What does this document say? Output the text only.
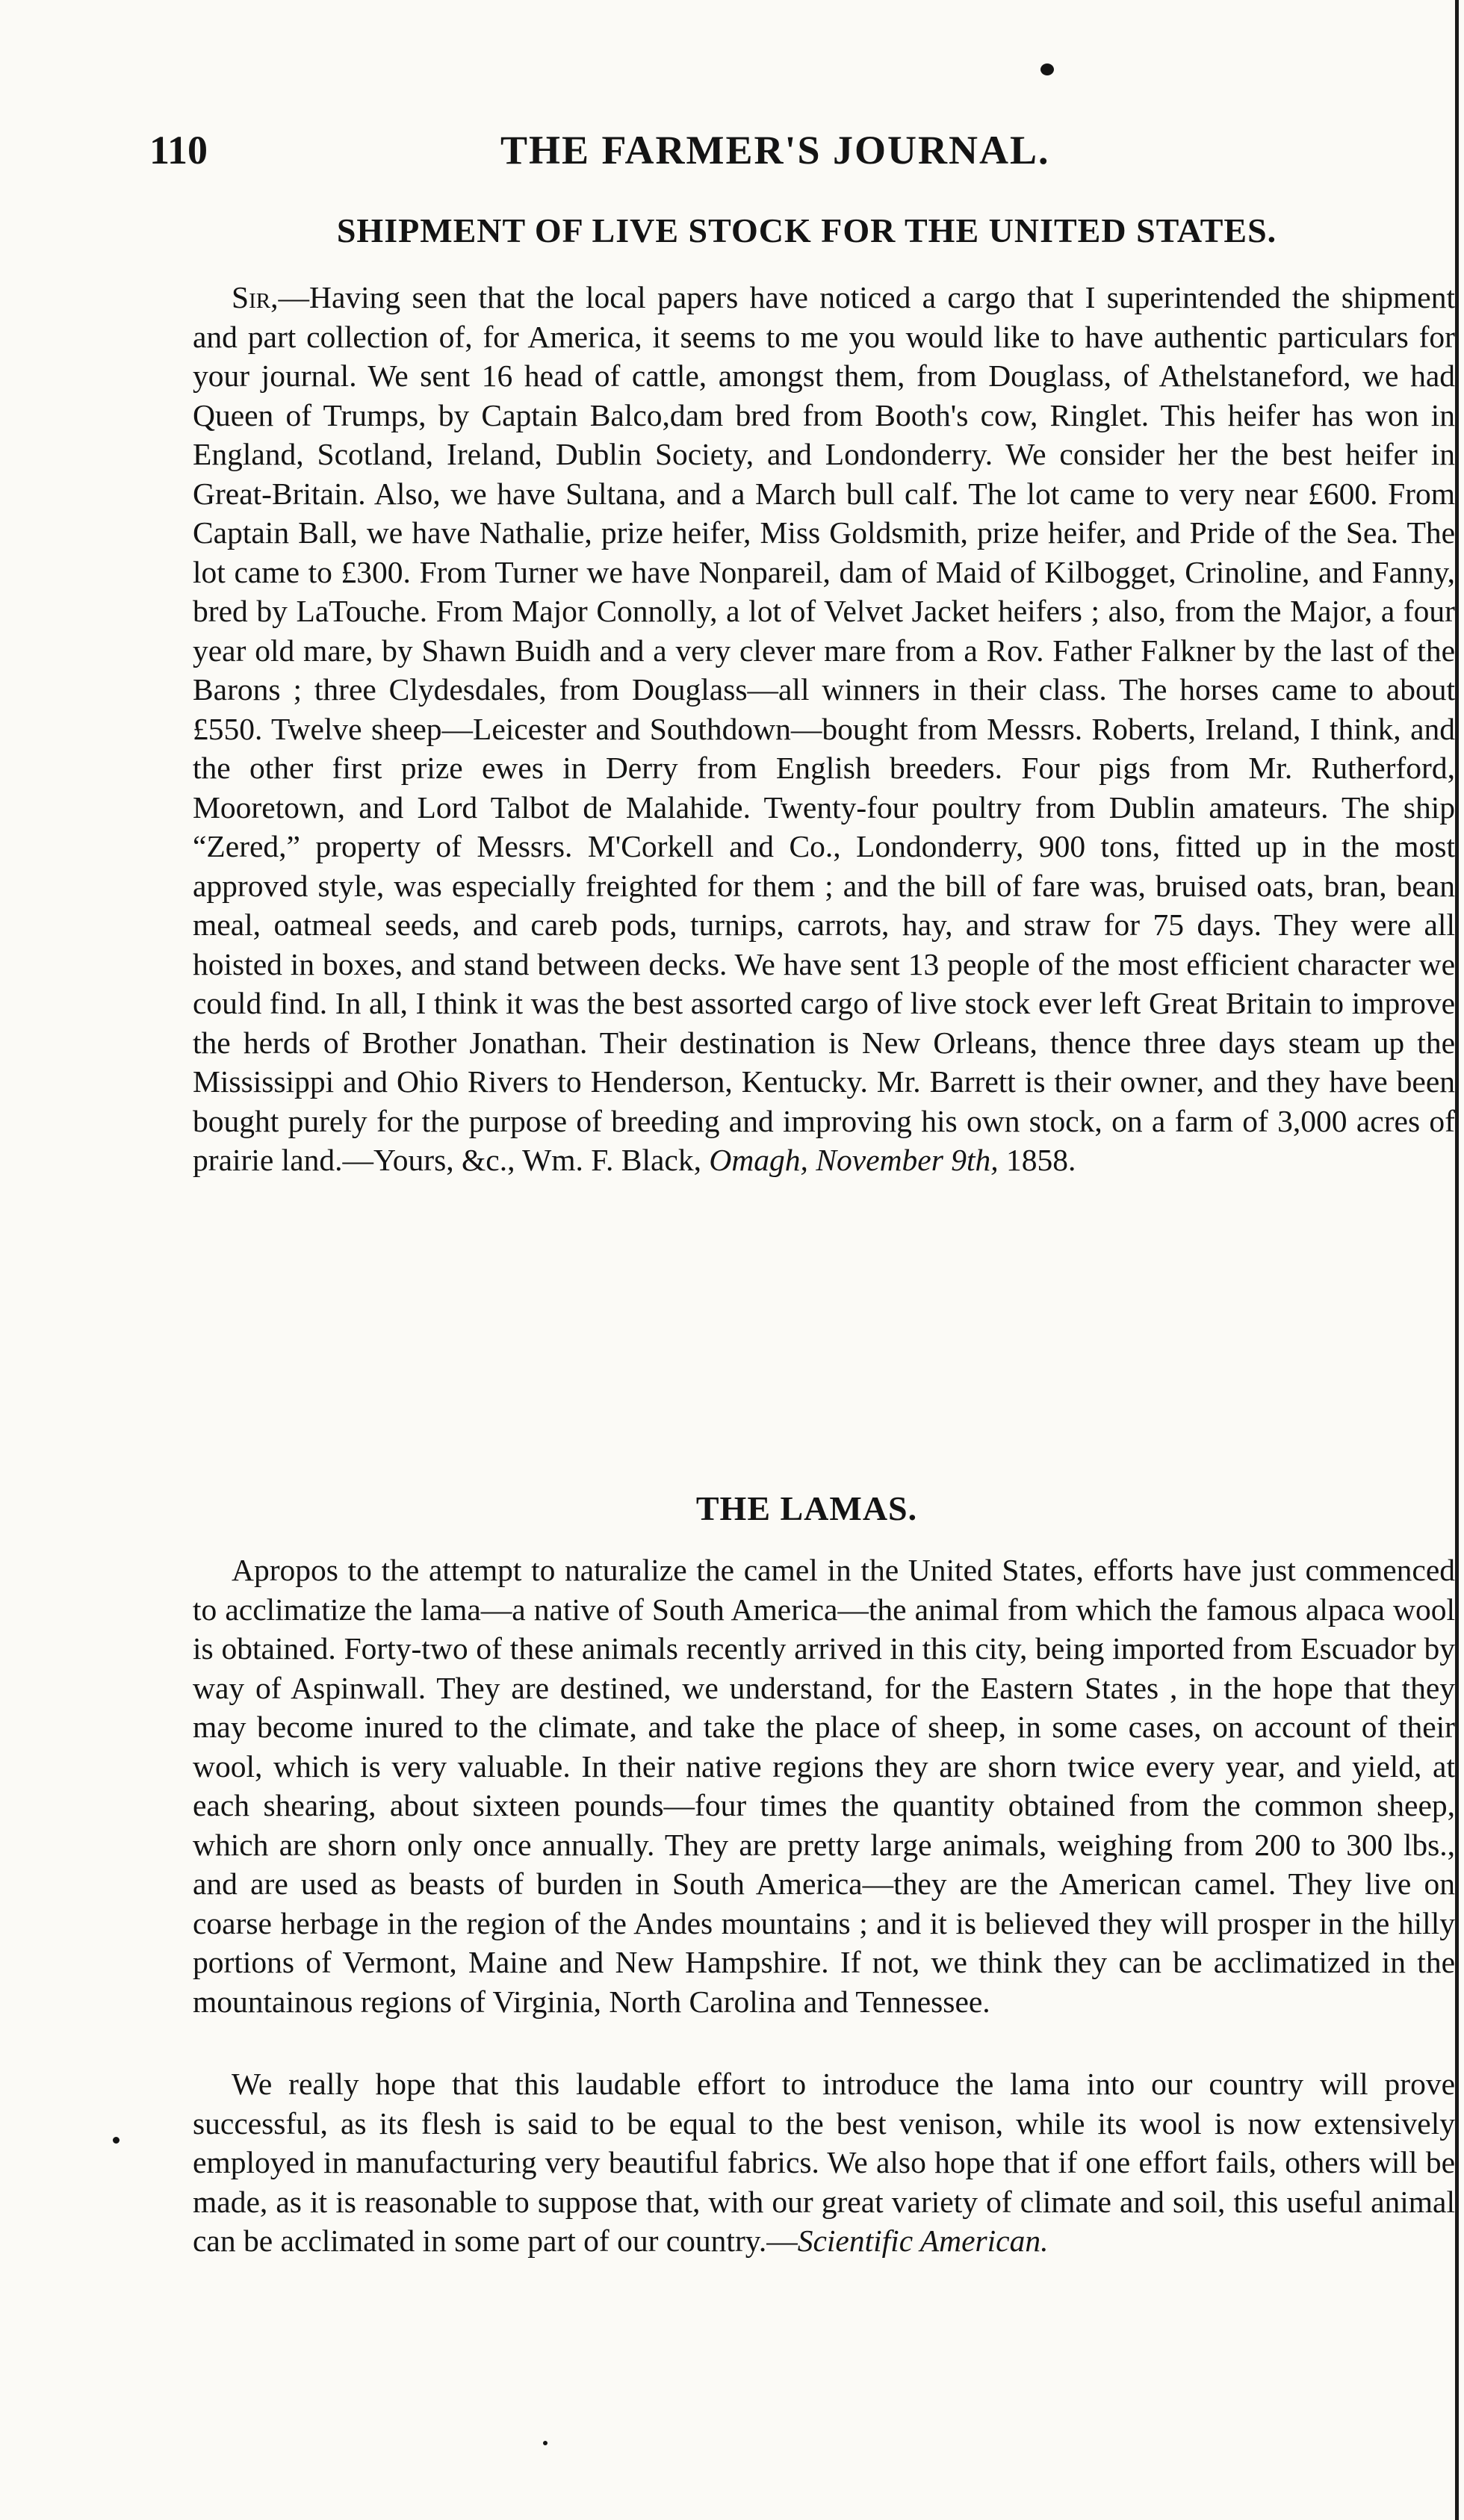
110	THE FARMER'S JOURNAL.
SHIPMENT OF LIVE STOCK FOR THE UNITED STATES.

Sir,—Having seen that the local papers have noticed a cargo that I superintended the shipment and part collection of, for America, it seems to me you would like to have authentic particulars for your journal. We sent 16 head of cattle, amongst them, from Douglass, of Athelstaneford, we had Queen of Trumps, by Captain Balco,dam bred from Booth's cow, Ringlet. This heifer has won in England, Scotland, Ireland, Dublin Society, and Londonderry. We consider her the best heifer in Great-Britain. Also, we have Sultana, and a March bull calf. The lot came to very near £600. From Captain Ball, we have Nathalie, prize heifer, Miss Goldsmith, prize heifer, and Pride of the Sea. The lot came to £300. From Turner we have Nonpareil, dam of Maid of Kilbogget, Crinoline, and Fanny, bred by LaTouche. From Major Connolly, a lot of Velvet Jacket heifers ; also, from the Major, a four year old mare, by Shawn Buidh and a very clever mare from a Rov. Father Falkner by the last of the Barons ; three Clydesdales, from Douglass—all winners in their class. The horses came to about £550. Twelve sheep—Leicester and Southdown—bought from Messrs. Roberts, Ireland, I think, and the other first prize ewes in Derry from English breeders. Four pigs from Mr. Rutherford, Mooretown, and Lord Talbot de Malahide. Twenty-four poultry from Dublin amateurs. The ship “Zered,” property of Messrs. M'Corkell and Co., Londonderry, 900 tons, fitted up in the most approved style, was especially freighted for them ; and the bill of fare was, bruised oats, bran, bean meal, oatmeal seeds, and careb pods, turnips, carrots, hay, and straw for 75 days. They were all hoisted in boxes, and stand between decks. We have sent 13 people of the most efficient character we could find. In all, I think it was the best assorted cargo of live stock ever left Great Britain to improve the herds of Brother Jonathan. Their destination is New Orleans, thence three days steam up the Mississippi and Ohio Rivers to Henderson, Kentucky. Mr. Barrett is their owner, and they have been bought purely for the purpose of breeding and improving his own stock, on a farm of 3,000 acres of prairie land.—Yours, &c., Wm. F. Black, Omagh, November 9th, 1858.

THE LAMAS.

Apropos to the attempt to naturalize the camel in the United States, efforts have just commenced to acclimatize the lama—a native of South America—the animal from which the famous alpaca wool is obtained. Forty-two of these animals recently arrived in this city, being imported from Escuador by way of Aspinwall. They are destined, we understand, for the Eastern States , in the hope that they may become inured to the climate, and take the place of sheep, in some cases, on account of their wool, which is very valuable. In their native regions they are shorn twice every year, and yield, at each shearing, about sixteen pounds—four times the quantity obtained from the common sheep, which are shorn only once annually. They are pretty large animals, weighing from 200 to 300 lbs., and are used as beasts of burden in South America—they are the American camel. They live on coarse herbage in the region of the Andes mountains ; and it is believed they will prosper in the hilly portions of Vermont, Maine and New Hampshire. If not, we think they can be acclimatized in the mountainous regions of Virginia, North Carolina and Tennessee.

We really hope that this laudable effort to introduce the lama into our country will prove successful, as its flesh is said to be equal to the best venison, while its wool is now extensively employed in manufacturing very beautiful fabrics. We also hope that if one effort fails, others will be made, as it is reasonable to suppose that, with our great variety of climate and soil, this useful animal can be acclimated in some part of our country.—Scientific American.
